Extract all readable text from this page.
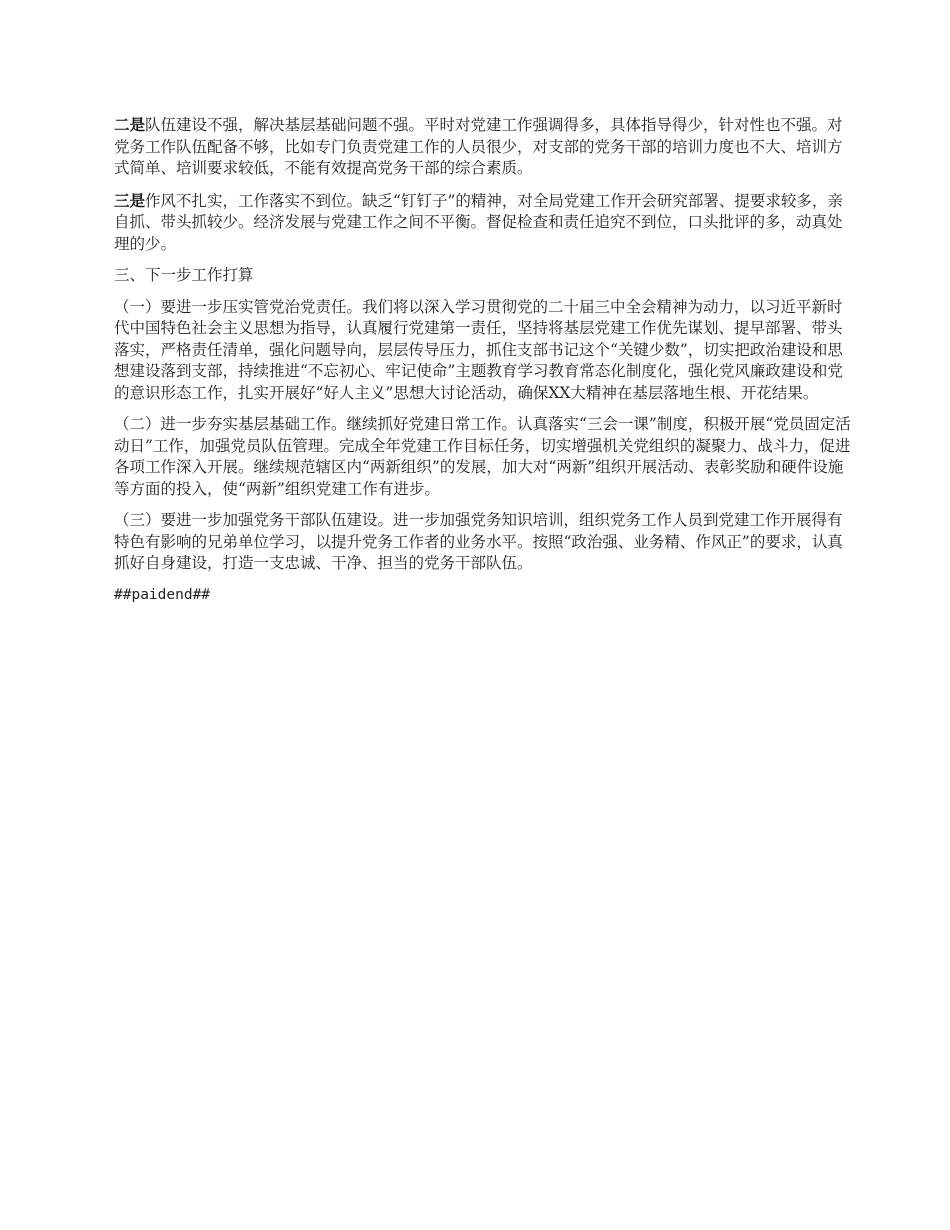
二是队伍建设不强，解决基层基础问题不强。平时对党建工作强调得多，具体指导得少，针对性也不强。对党务工作队伍配备不够，比如专门负责党建工作的人员很少，对支部的党务干部的培训力度也不大、培训方式简单、培训要求较低，不能有效提高党务干部的综合素质。

三是作风不扎实，工作落实不到位。缺乏“钉钉子”的精神，对全局党建工作开会研究部署、提要求较多，亲自抓、带头抓较少。经济发展与党建工作之间不平衡。督促检查和责任追究不到位，口头批评的多，动真处理的少。

三、下一步工作打算

（一）要进一步压实管党治党责任。我们将以深入学习贯彻党的二十届三中全会精神为动力，以习近平新时代中国特色社会主义思想为指导，认真履行党建第一责任，坚持将基层党建工作优先谋划、提早部署、带头落实，严格责任清单，强化问题导向，层层传导压力，抓住支部书记这个“关键少数”，切实把政治建设和思想建设落到支部，持续推进“不忘初心、牢记使命”主题教育学习教育常态化制度化，强化党风廉政建设和党的意识形态工作，扎实开展好“好人主义”思想大讨论活动，确保XX大精神在基层落地生根、开花结果。

（二）进一步夯实基层基础工作。继续抓好党建日常工作。认真落实“三会一课”制度，积极开展“党员固定活动日”工作，加强党员队伍管理。完成全年党建工作目标任务，切实增强机关党组织的凝聚力、战斗力，促进各项工作深入开展。继续规范辖区内“两新组织”的发展，加大对“两新”组织开展活动、表彰奖励和硬件设施等方面的投入，使“两新”组织党建工作有进步。

（三）要进一步加强党务干部队伍建设。进一步加强党务知识培训，组织党务工作人员到党建工作开展得有特色有影响的兄弟单位学习，以提升党务工作者的业务水平。按照“政治强、业务精、作风正”的要求，认真抓好自身建设，打造一支忠诚、干净、担当的党务干部队伍。

##paidend##
